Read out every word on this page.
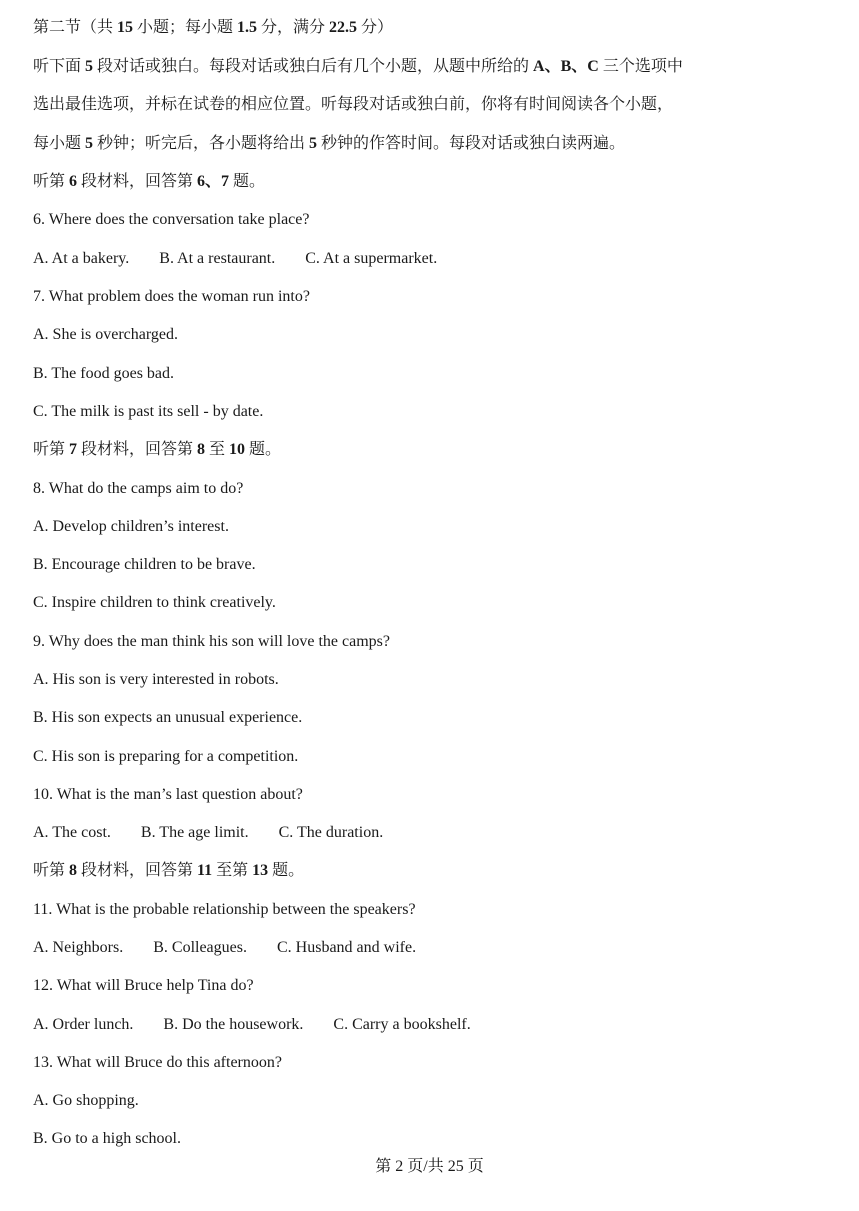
第二节（共 15 小题；每小题 1.5 分，满分 22.5 分）
听下面 5 段对话或独白。每段对话或独白后有几个小题，从题中所给的 A、B、C 三个选项中
选出最佳选项，并标在试卷的相应位置。听每段对话或独白前，你将有时间阅读各个小题，
每小题 5 秒钟；听完后，各小题将给出 5 秒钟的作答时间。每段对话或独白读两遍。
听第 6 段材料，回答第 6、7 题。
6. Where does the conversation take place?
A. At a bakery. B. At a restaurant. C. At a supermarket.
7. What problem does the woman run into?
A. She is overcharged.
B. The food goes bad.
C. The milk is past its sell - by date.
听第 7 段材料，回答第 8 至 10 题。
8. What do the camps aim to do?
A. Develop children’s interest.
B. Encourage children to be brave.
C. Inspire children to think creatively.
9. Why does the man think his son will love the camps?
A. His son is very interested in robots.
B. His son expects an unusual experience.
C. His son is preparing for a competition.
10. What is the man’s last question about?
A. The cost. B. The age limit. C. The duration.
听第 8 段材料，回答第 11 至第 13 题。
11. What is the probable relationship between the speakers?
A. Neighbors. B. Colleagues. C. Husband and wife.
12. What will Bruce help Tina do?
A. Order lunch. B. Do the housework. C. Carry a bookshelf.
13. What will Bruce do this afternoon?
A. Go shopping.
B. Go to a high school.
第 2 页/共 25 页
